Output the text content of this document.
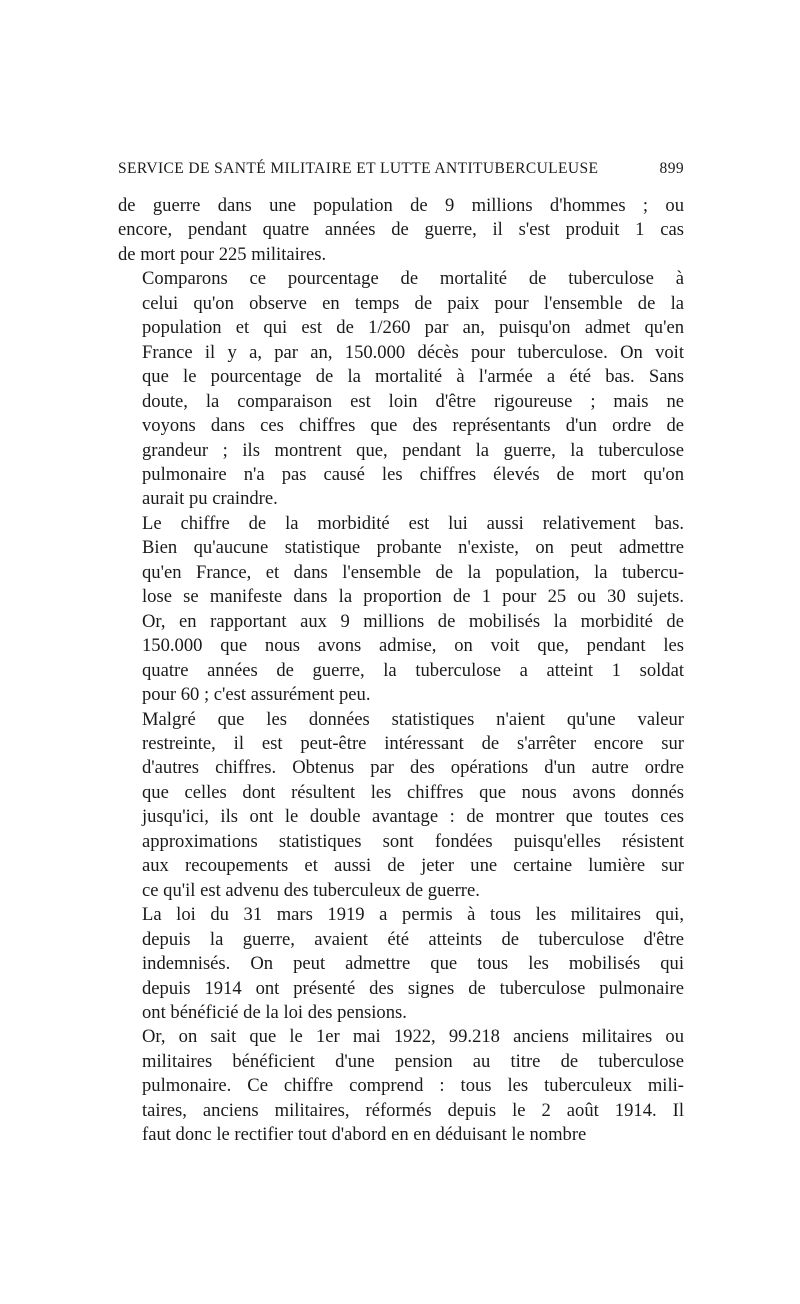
SERVICE DE SANTÉ MILITAIRE ET LUTTE ANTITUBERCULEUSE	899

de guerre dans une population de 9 millions d'hommes ; ou
encore, pendant quatre années de guerre, il s'est produit 1 cas
de mort pour 225 militaires.

Comparons ce pourcentage de mortalité de tuberculose à
celui qu'on observe en temps de paix pour l'ensemble de la
population et qui est de 1/260 par an, puisqu'on admet qu'en
France il y a, par an, 150.000 décès pour tuberculose. On voit
que le pourcentage de la mortalité à l'armée a été bas. Sans
doute, la comparaison est loin d'être rigoureuse ; mais ne
voyons dans ces chiffres que des représentants d'un ordre de
grandeur ; ils montrent que, pendant la guerre, la tuberculose
pulmonaire n'a pas causé les chiffres élevés de mort qu'on
aurait pu craindre.

Le chiffre de la morbidité est lui aussi relativement bas.
Bien qu'aucune statistique probante n'existe, on peut admettre
qu'en France, et dans l'ensemble de la population, la tubercu-
lose se manifeste dans la proportion de 1 pour 25 ou 30 sujets.
Or, en rapportant aux 9 millions de mobilisés la morbidité de
150.000 que nous avons admise, on voit que, pendant les
quatre années de guerre, la tuberculose a atteint 1 soldat
pour 60 ; c'est assurément peu.

Malgré que les données statistiques n'aient qu'une valeur
restreinte, il est peut-être intéressant de s'arrêter encore sur
d'autres chiffres. Obtenus par des opérations d'un autre ordre
que celles dont résultent les chiffres que nous avons donnés
jusqu'ici, ils ont le double avantage : de montrer que toutes ces
approximations statistiques sont fondées puisqu'elles résistent
aux recoupements et aussi de jeter une certaine lumière sur
ce qu'il est advenu des tuberculeux de guerre.

La loi du 31 mars 1919 a permis à tous les militaires qui,
depuis la guerre, avaient été atteints de tuberculose d'être
indemnisés. On peut admettre que tous les mobilisés qui
depuis 1914 ont présenté des signes de tuberculose pulmonaire
ont bénéficié de la loi des pensions.

Or, on sait que le 1er mai 1922, 99.218 anciens militaires ou
militaires bénéficient d'une pension au titre de tuberculose
pulmonaire. Ce chiffre comprend : tous les tuberculeux mili-
taires, anciens militaires, réformés depuis le 2 août 1914. Il
faut donc le rectifier tout d'abord en en déduisant le nombre
